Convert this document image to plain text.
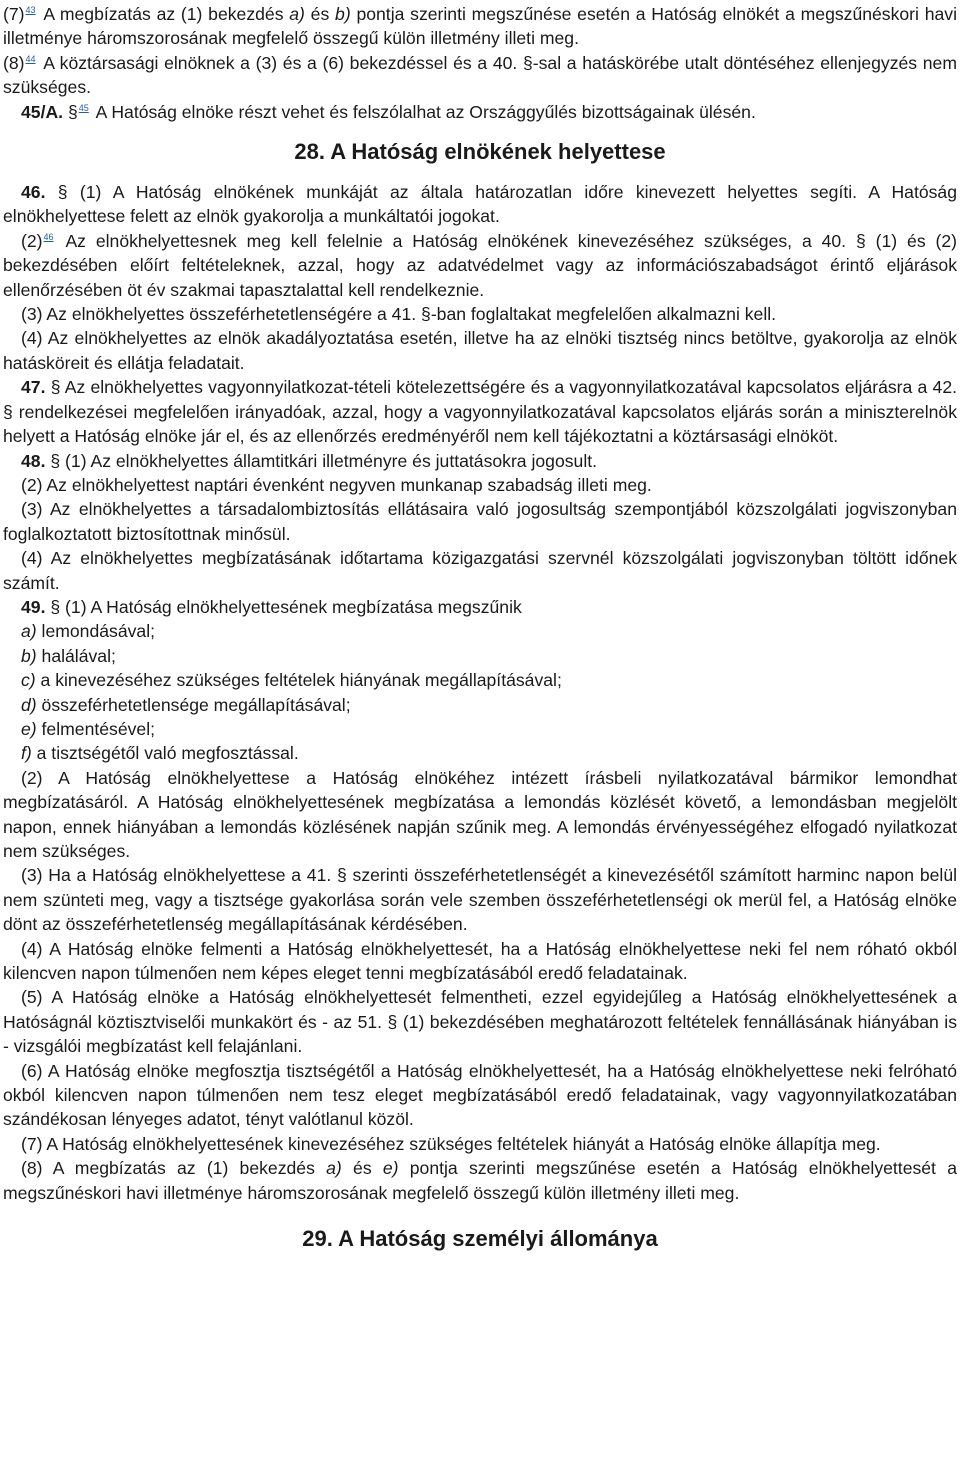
(7)$^{43}$ A megbízatás az (1) bekezdés a) és b) pontja szerinti megszűnése esetén a Hatóság elnökét a megszűnéskori havi illetménye háromszorosának megfelelő összegű külön illetmény illeti meg.

(8)$^{44}$ A köztársasági elnöknek a (3) és a (6) bekezdéssel és a 40. §-sal a hatáskörébe utalt döntéséhez ellenjegyzés nem szükséges.

45/A. §$^{45}$ A Hatóság elnöke részt vehet és felszólalhat az Országgyűlés bizottságainak ülésén.

28. A Hatóság elnökének helyettese

46. § (1) A Hatóság elnökének munkáját az általa határozatlan időre kinevezett helyettes segíti. A Hatóság elnökhelyettese felett az elnök gyakorolja a munkáltatói jogokat.

(2)$^{46}$ Az elnökhelyettesnek meg kell felelnie a Hatóság elnökének kinevezéséhez szükséges, a 40. § (1) és (2) bekezdésében előírt feltételeknek, azzal, hogy az adatvédelmet vagy az információszabadságot érintő eljárások ellenőrzésében öt év szakmai tapasztalattal kell rendelkeznie.

(3) Az elnökhelyettes összeférhetetlenségére a 41. §-ban foglaltakat megfelelően alkalmazni kell.

(4) Az elnökhelyettes az elnök akadályoztatása esetén, illetve ha az elnöki tisztség nincs betöltve, gyakorolja az elnök hatásköreit és ellátja feladatait.

47. § Az elnökhelyettes vagyonnyilatkozat-tételi kötelezettségére és a vagyonnyilatkozatával kapcsolatos eljárásra a 42. § rendelkezései megfelelően irányadóak, azzal, hogy a vagyonnyilatkozatával kapcsolatos eljárás során a miniszterelnök helyett a Hatóság elnöke jár el, és az ellenőrzés eredményéről nem kell tájékoztatni a köztársasági elnököt.

48. § (1) Az elnökhelyettes államtitkári illetményre és juttatásokra jogosult.

(2) Az elnökhelyettest naptári évenként negyven munkanap szabadság illeti meg.

(3) Az elnökhelyettes a társadalombiztosítás ellátásaira való jogosultság szempontjából közszolgálati jogviszonyban foglalkoztatott biztosítottnak minősül.

(4) Az elnökhelyettes megbízatásának időtartama közigazgatási szervnél közszolgálati jogviszonyban töltött időnek számít.

49. § (1) A Hatóság elnökhelyettesének megbízatása megszűnik

a) lemondásával;

b) halálával;

c) a kinevezéséhez szükséges feltételek hiányának megállapításával;

d) összeférhetetlensége megállapításával;

e) felmentésével;

f) a tisztségétől való megfosztással.

(2) A Hatóság elnökhelyettese a Hatóság elnökéhez intézett írásbeli nyilatkozatával bármikor lemondhat megbízatásáról. A Hatóság elnökhelyettesének megbízatása a lemondás közlését követő, a lemondásban megjelölt napon, ennek hiányában a lemondás közlésének napján szűnik meg. A lemondás érvényességéhez elfogadó nyilatkozat nem szükséges.

(3) Ha a Hatóság elnökhelyettese a 41. § szerinti összeférhetetlenségét a kinevezésétől számított harminc napon belül nem szünteti meg, vagy a tisztsége gyakorlása során vele szemben összeférhetetlenségi ok merül fel, a Hatóság elnöke dönt az összeférhetetlenség megállapításának kérdésében.

(4) A Hatóság elnöke felmenti a Hatóság elnökhelyettesét, ha a Hatóság elnökhelyettese neki fel nem róható okból kilencven napon túlmenően nem képes eleget tenni megbízatásából eredő feladatainak.

(5) A Hatóság elnöke a Hatóság elnökhelyettesét felmentheti, ezzel egyidejűleg a Hatóság elnökhelyettesének a Hatóságnál köztisztviselői munkakört és - az 51. § (1) bekezdésében meghatározott feltételek fennállásának hiányában is - vizsgálói megbízatást kell felajánlani.

(6) A Hatóság elnöke megfosztja tisztségétől a Hatóság elnökhelyettesét, ha a Hatóság elnökhelyettese neki felróható okból kilencven napon túlmenően nem tesz eleget megbízatásából eredő feladatainak, vagy vagyonnyilatkozatában szándékosan lényeges adatot, tényt valótlanul közöl.

(7) A Hatóság elnökhelyettesének kinevezéséhez szükséges feltételek hiányát a Hatóság elnöke állapítja meg.

(8) A megbízatás az (1) bekezdés a) és e) pontja szerinti megszűnése esetén a Hatóság elnökhelyettesét a megszűnéskori havi illetménye háromszorosának megfelelő összegű külön illetmény illeti meg.

29. A Hatóság személyi állománya
